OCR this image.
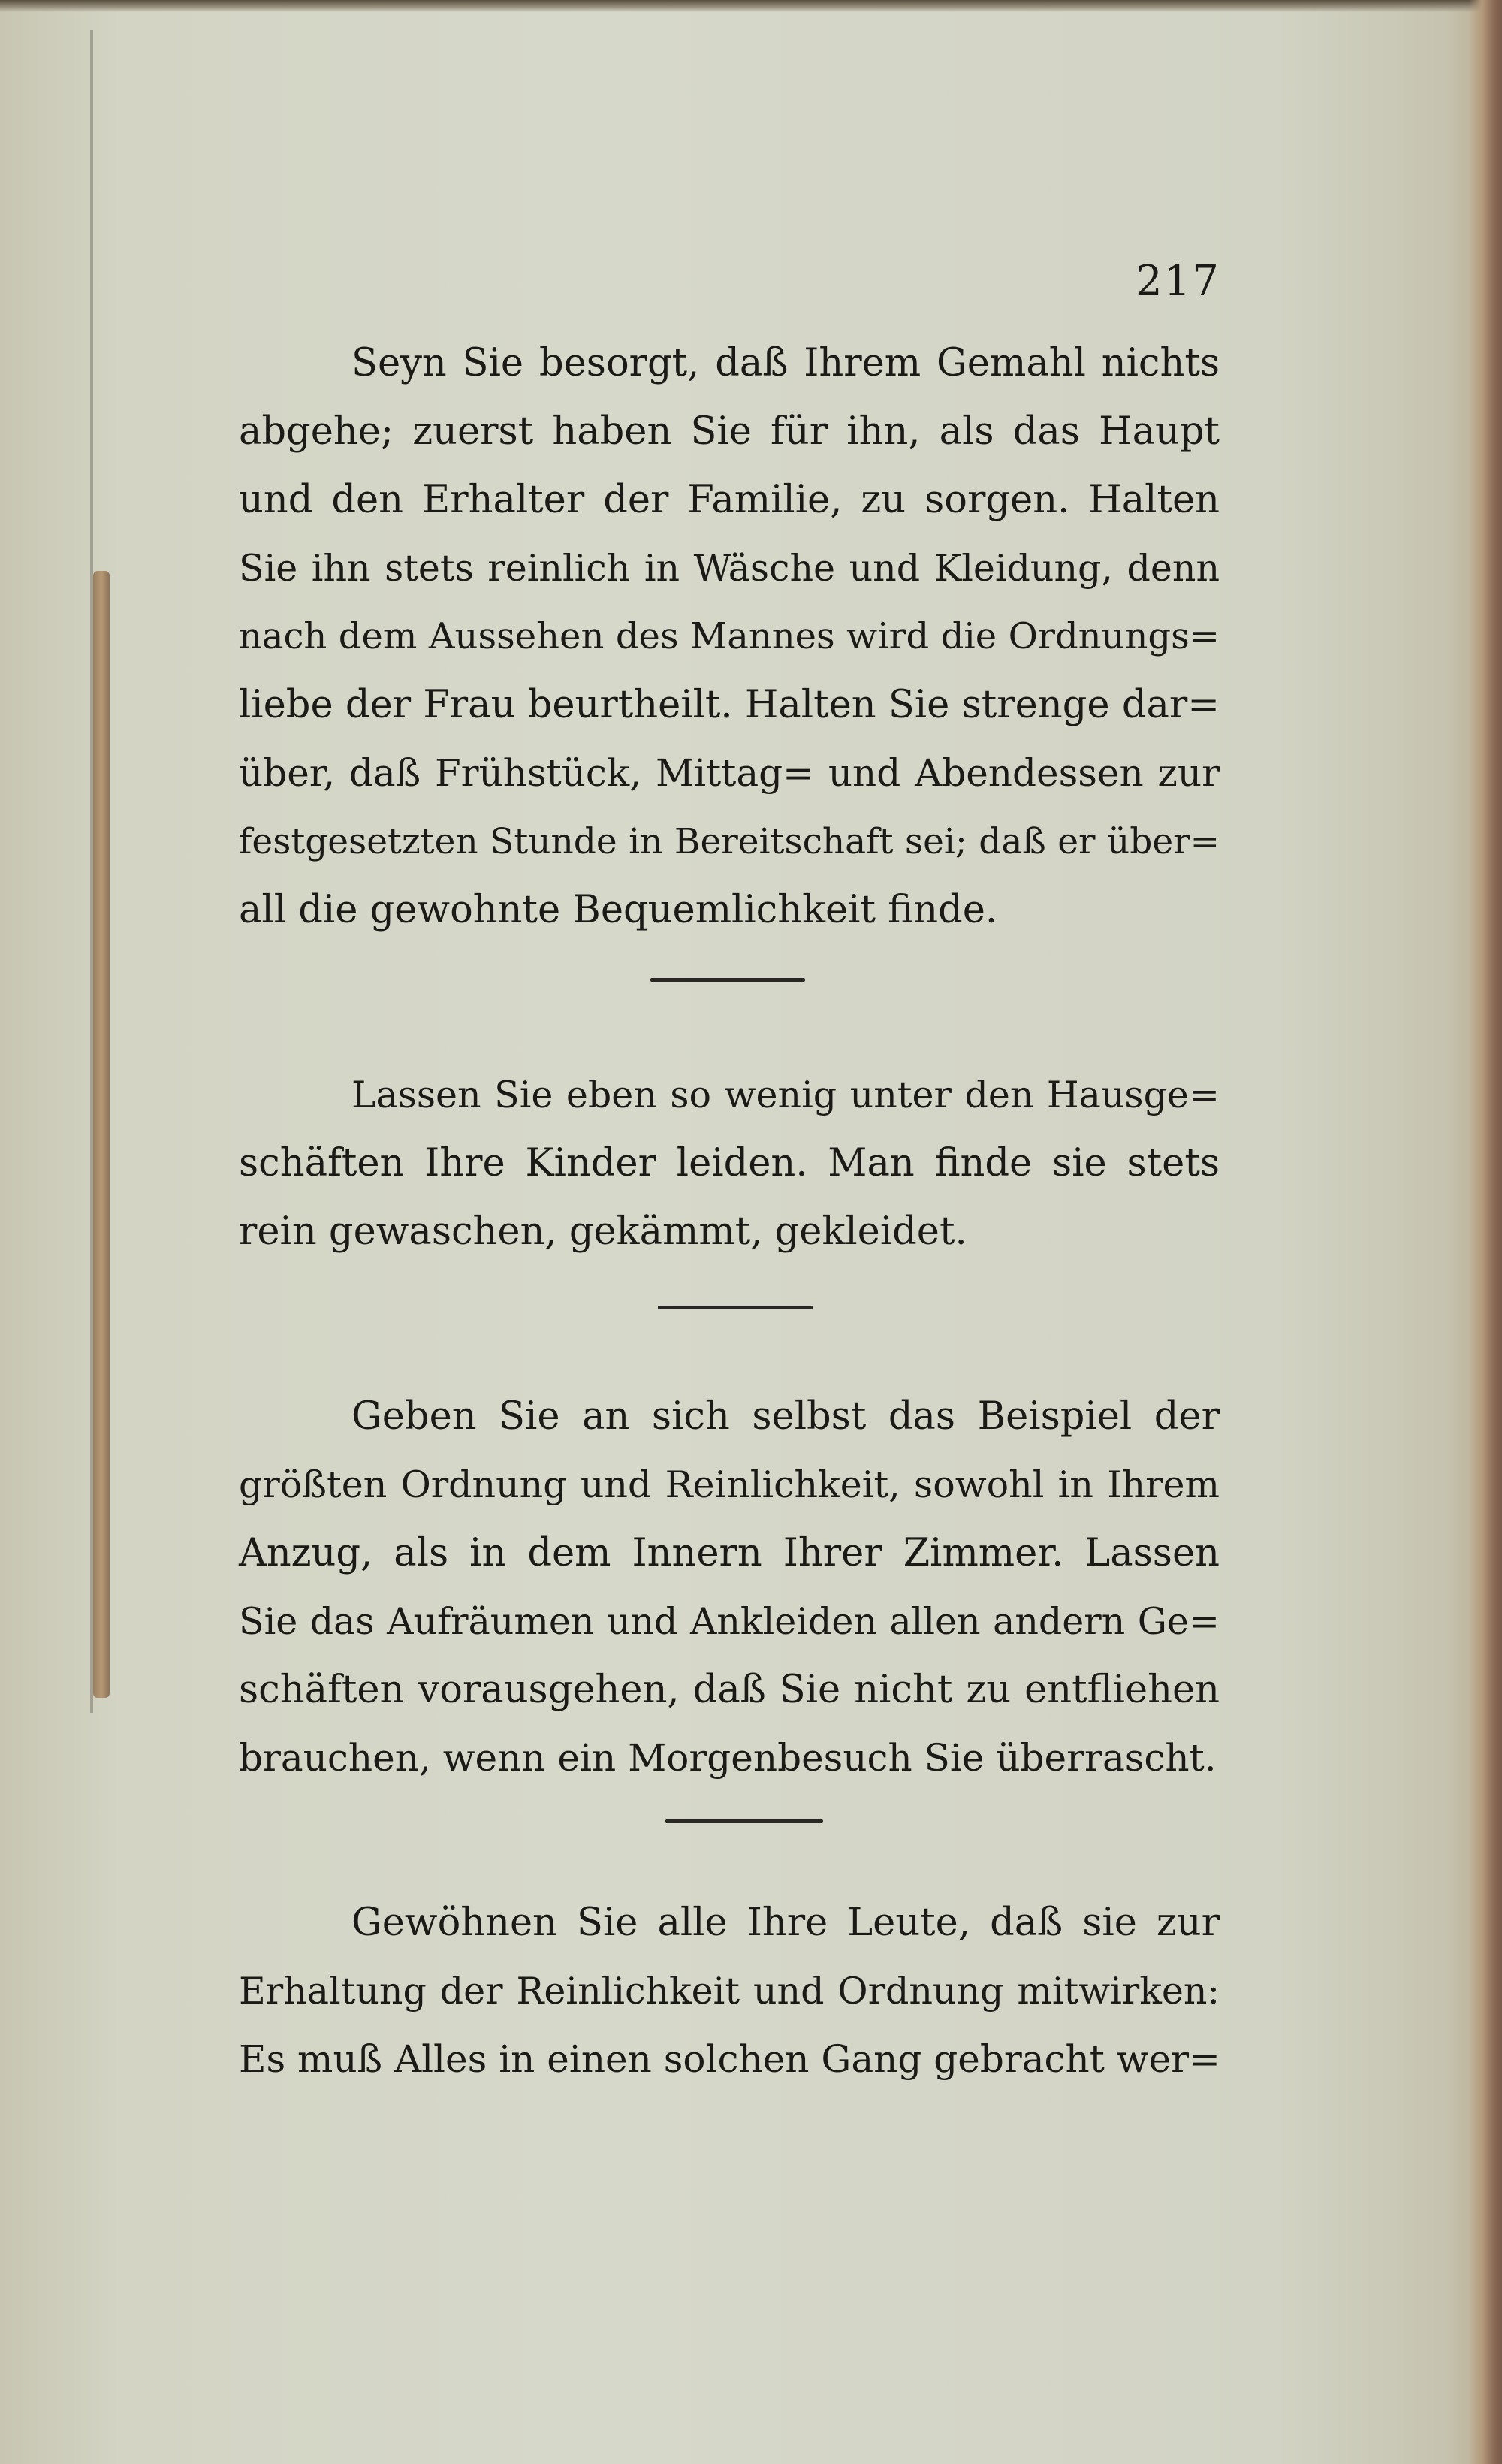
217
Seyn Sie besorgt, daß Ihrem Gemahl nichts
abgehe; zuerst haben Sie für ihn, als das Haupt
und den Erhalter der Familie, zu sorgen. Halten
Sie ihn stets reinlich in Wäsche und Kleidung, denn
nach dem Aussehen des Mannes wird die Ordnungs=
liebe der Frau beurtheilt. Halten Sie strenge dar=
über, daß Frühstück, Mittag= und Abendessen zur
festgesetzten Stunde in Bereitschaft sei; daß er über=
all die gewohnte Bequemlichkeit finde.
Lassen Sie eben so wenig unter den Hausge=
schäften Ihre Kinder leiden. Man finde sie stets
rein gewaschen, gekämmt, gekleidet.
Geben Sie an sich selbst das Beispiel der
größten Ordnung und Reinlichkeit, sowohl in Ihrem
Anzug, als in dem Innern Ihrer Zimmer. Lassen
Sie das Aufräumen und Ankleiden allen andern Ge=
schäften vorausgehen, daß Sie nicht zu entfliehen
brauchen, wenn ein Morgenbesuch Sie überrascht.
Gewöhnen Sie alle Ihre Leute, daß sie zur
Erhaltung der Reinlichkeit und Ordnung mitwirken:
Es muß Alles in einen solchen Gang gebracht wer=
